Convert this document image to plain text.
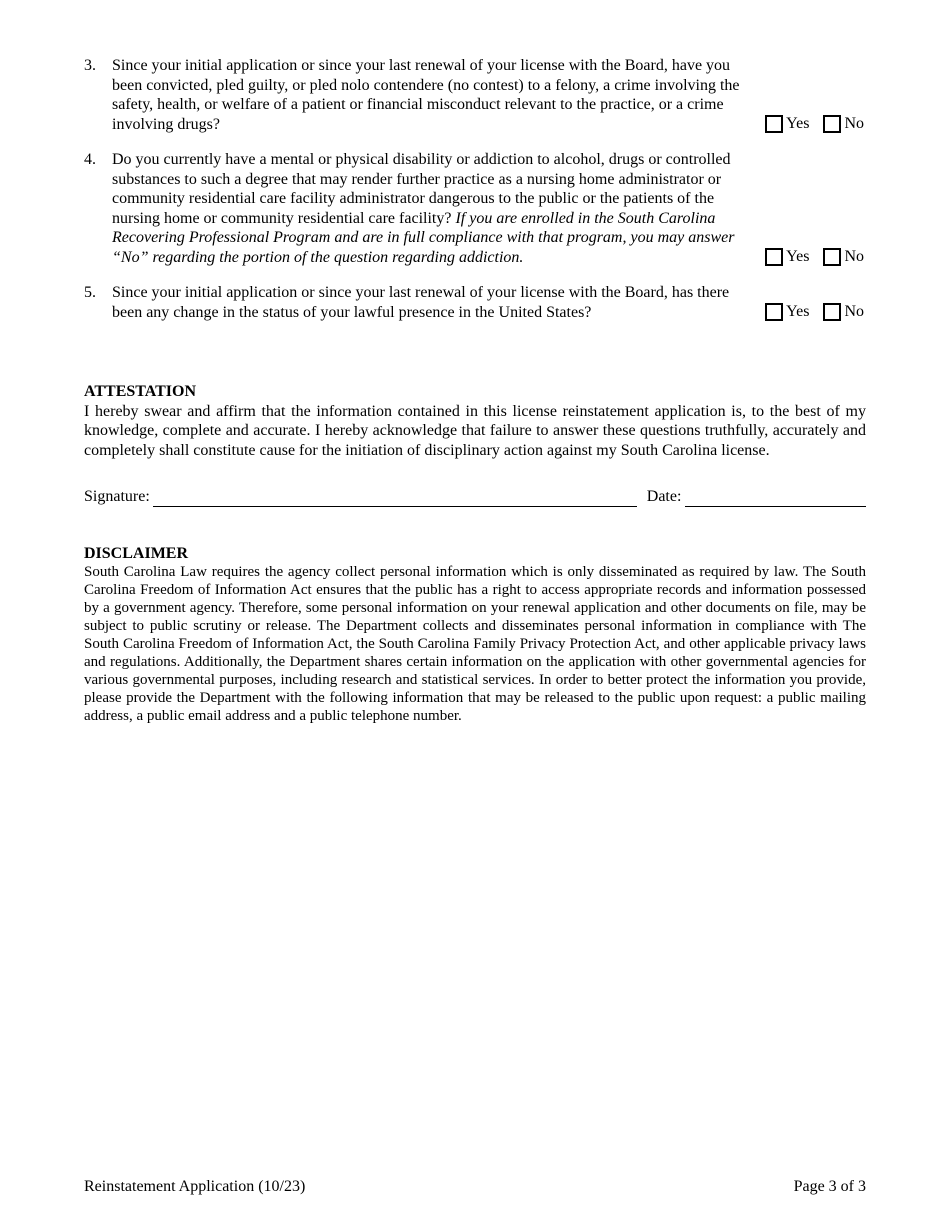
3.	Since your initial application or since your last renewal of your license with the Board, have you been convicted, pled guilty, or pled nolo contendere (no contest) to a felony, a crime involving the safety, health, or welfare of a patient or financial misconduct relevant to the practice, or a crime involving drugs?	Yes No
4.	Do you currently have a mental or physical disability or addiction to alcohol, drugs or controlled substances to such a degree that may render further practice as a nursing home administrator or community residential care facility administrator dangerous to the public or the patients of the nursing home or community residential care facility? If you are enrolled in the South Carolina Recovering Professional Program and are in full compliance with that program, you may answer “No” regarding the portion of the question regarding addiction.	Yes No
5.	Since your initial application or since your last renewal of your license with the Board, has there been any change in the status of your lawful presence in the United States?	Yes No
ATTESTATION
I hereby swear and affirm that the information contained in this license reinstatement application is, to the best of my knowledge, complete and accurate. I hereby acknowledge that failure to answer these questions truthfully, accurately and completely shall constitute cause for the initiation of disciplinary action against my South Carolina license.
Signature:	Date:
DISCLAIMER
South Carolina Law requires the agency collect personal information which is only disseminated as required by law. The South Carolina Freedom of Information Act ensures that the public has a right to access appropriate records and information possessed by a government agency. Therefore, some personal information on your renewal application and other documents on file, may be subject to public scrutiny or release. The Department collects and disseminates personal information in compliance with The South Carolina Freedom of Information Act, the South Carolina Family Privacy Protection Act, and other applicable privacy laws and regulations. Additionally, the Department shares certain information on the application with other governmental agencies for various governmental purposes, including research and statistical services. In order to better protect the information you provide, please provide the Department with the following information that may be released to the public upon request: a public mailing address, a public email address and a public telephone number.
Reinstatement Application (10/23)	Page 3 of 3
